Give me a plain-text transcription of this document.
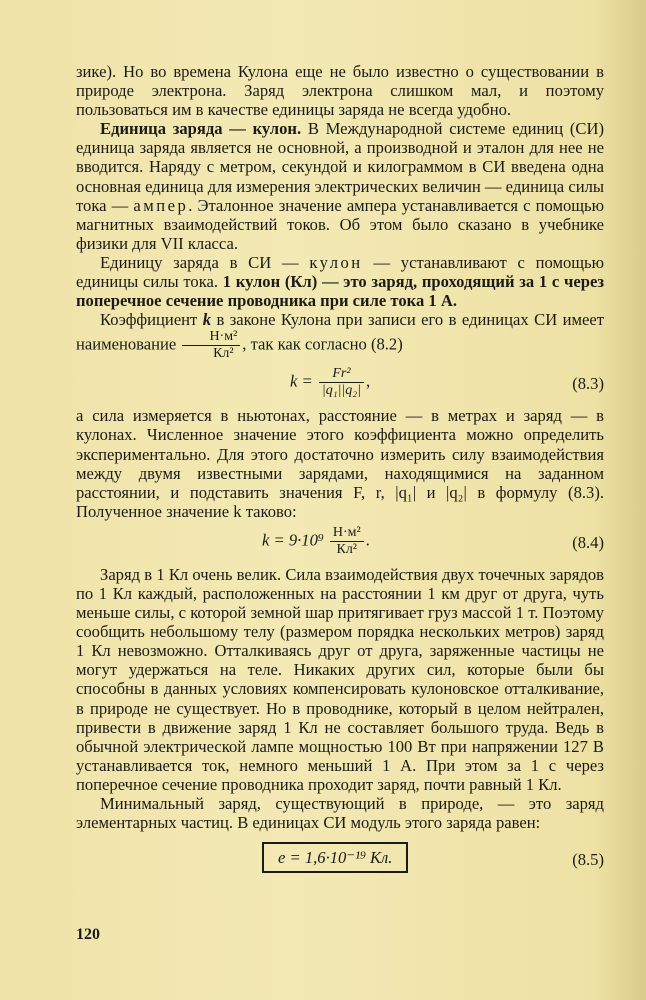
зике). Но во времена Кулона еще не было известно о существовании в природе электрона. Заряд электрона слишком мал, и поэтому пользоваться им в качестве единицы заряда не всегда удобно.

Единица заряда — кулон. В Международной системе единиц (СИ) единица заряда является не основной, а производной и эталон для нее не вводится. Наряду с метром, секундой и килограммом в СИ введена одна основная единица для измерения электрических величин — единица силы тока — ампер. Эталонное значение ампера устанавливается с помощью магнитных взаимодействий токов. Об этом было сказано в учебнике физики для VII класса.

Единицу заряда в СИ — кулон — устанавливают с помощью единицы силы тока. 1 кулон (Кл) — это заряд, проходящий за 1 с через поперечное сечение проводника при силе тока 1 А.

Коэффициент k в законе Кулона при записи его в единицах СИ имеет наименование $\frac{\text{Н·м²}}{\text{Кл²}}$ , так как согласно (8.2)

$k = \frac{\text{Fr²}}{\text{|q₁||q₂|}}$ ,	(8.3)

а сила измеряется в ньютонах, расстояние — в метрах и заряд — в кулонах. Численное значение этого коэффициента можно определить экспериментально. Для этого достаточно измерить силу взаимодействия между двумя известными зарядами, находящимися на заданном расстоянии, и подставить значения F, r, |q₁| и |q₂| в формулу (8.3). Полученное значение k таково:

$k = 9\cdot 10^9 \frac{\text{Н·м²}}{\text{Кл²}}$ .	(8.4)

Заряд в 1 Кл очень велик. Сила взаимодействия двух точечных зарядов по 1 Кл каждый, расположенных на расстоянии 1 км друг от друга, чуть меньше силы, с которой земной шар притягивает груз массой 1 т. Поэтому сообщить небольшому телу (размером порядка нескольких метров) заряд 1 Кл невозможно. Отталкиваясь друг от друга, заряженные частицы не могут удержаться на теле. Никаких других сил, которые были бы способны в данных условиях компенсировать кулоновское отталкивание, в природе не существует. Но в проводнике, который в целом нейтрален, привести в движение заряд 1 Кл не составляет большого труда. Ведь в обычной электрической лампе мощностью 100 Вт при напряжении 127 В устанавливается ток, немного меньший 1 А. При этом за 1 с через поперечное сечение проводника проходит заряд, почти равный 1 Кл.

Минимальный заряд, существующий в природе, — это заряд элементарных частиц. В единицах СИ модуль этого заряда равен:

e = 1,6·10⁻¹⁹ Кл.	(8.5)
120
